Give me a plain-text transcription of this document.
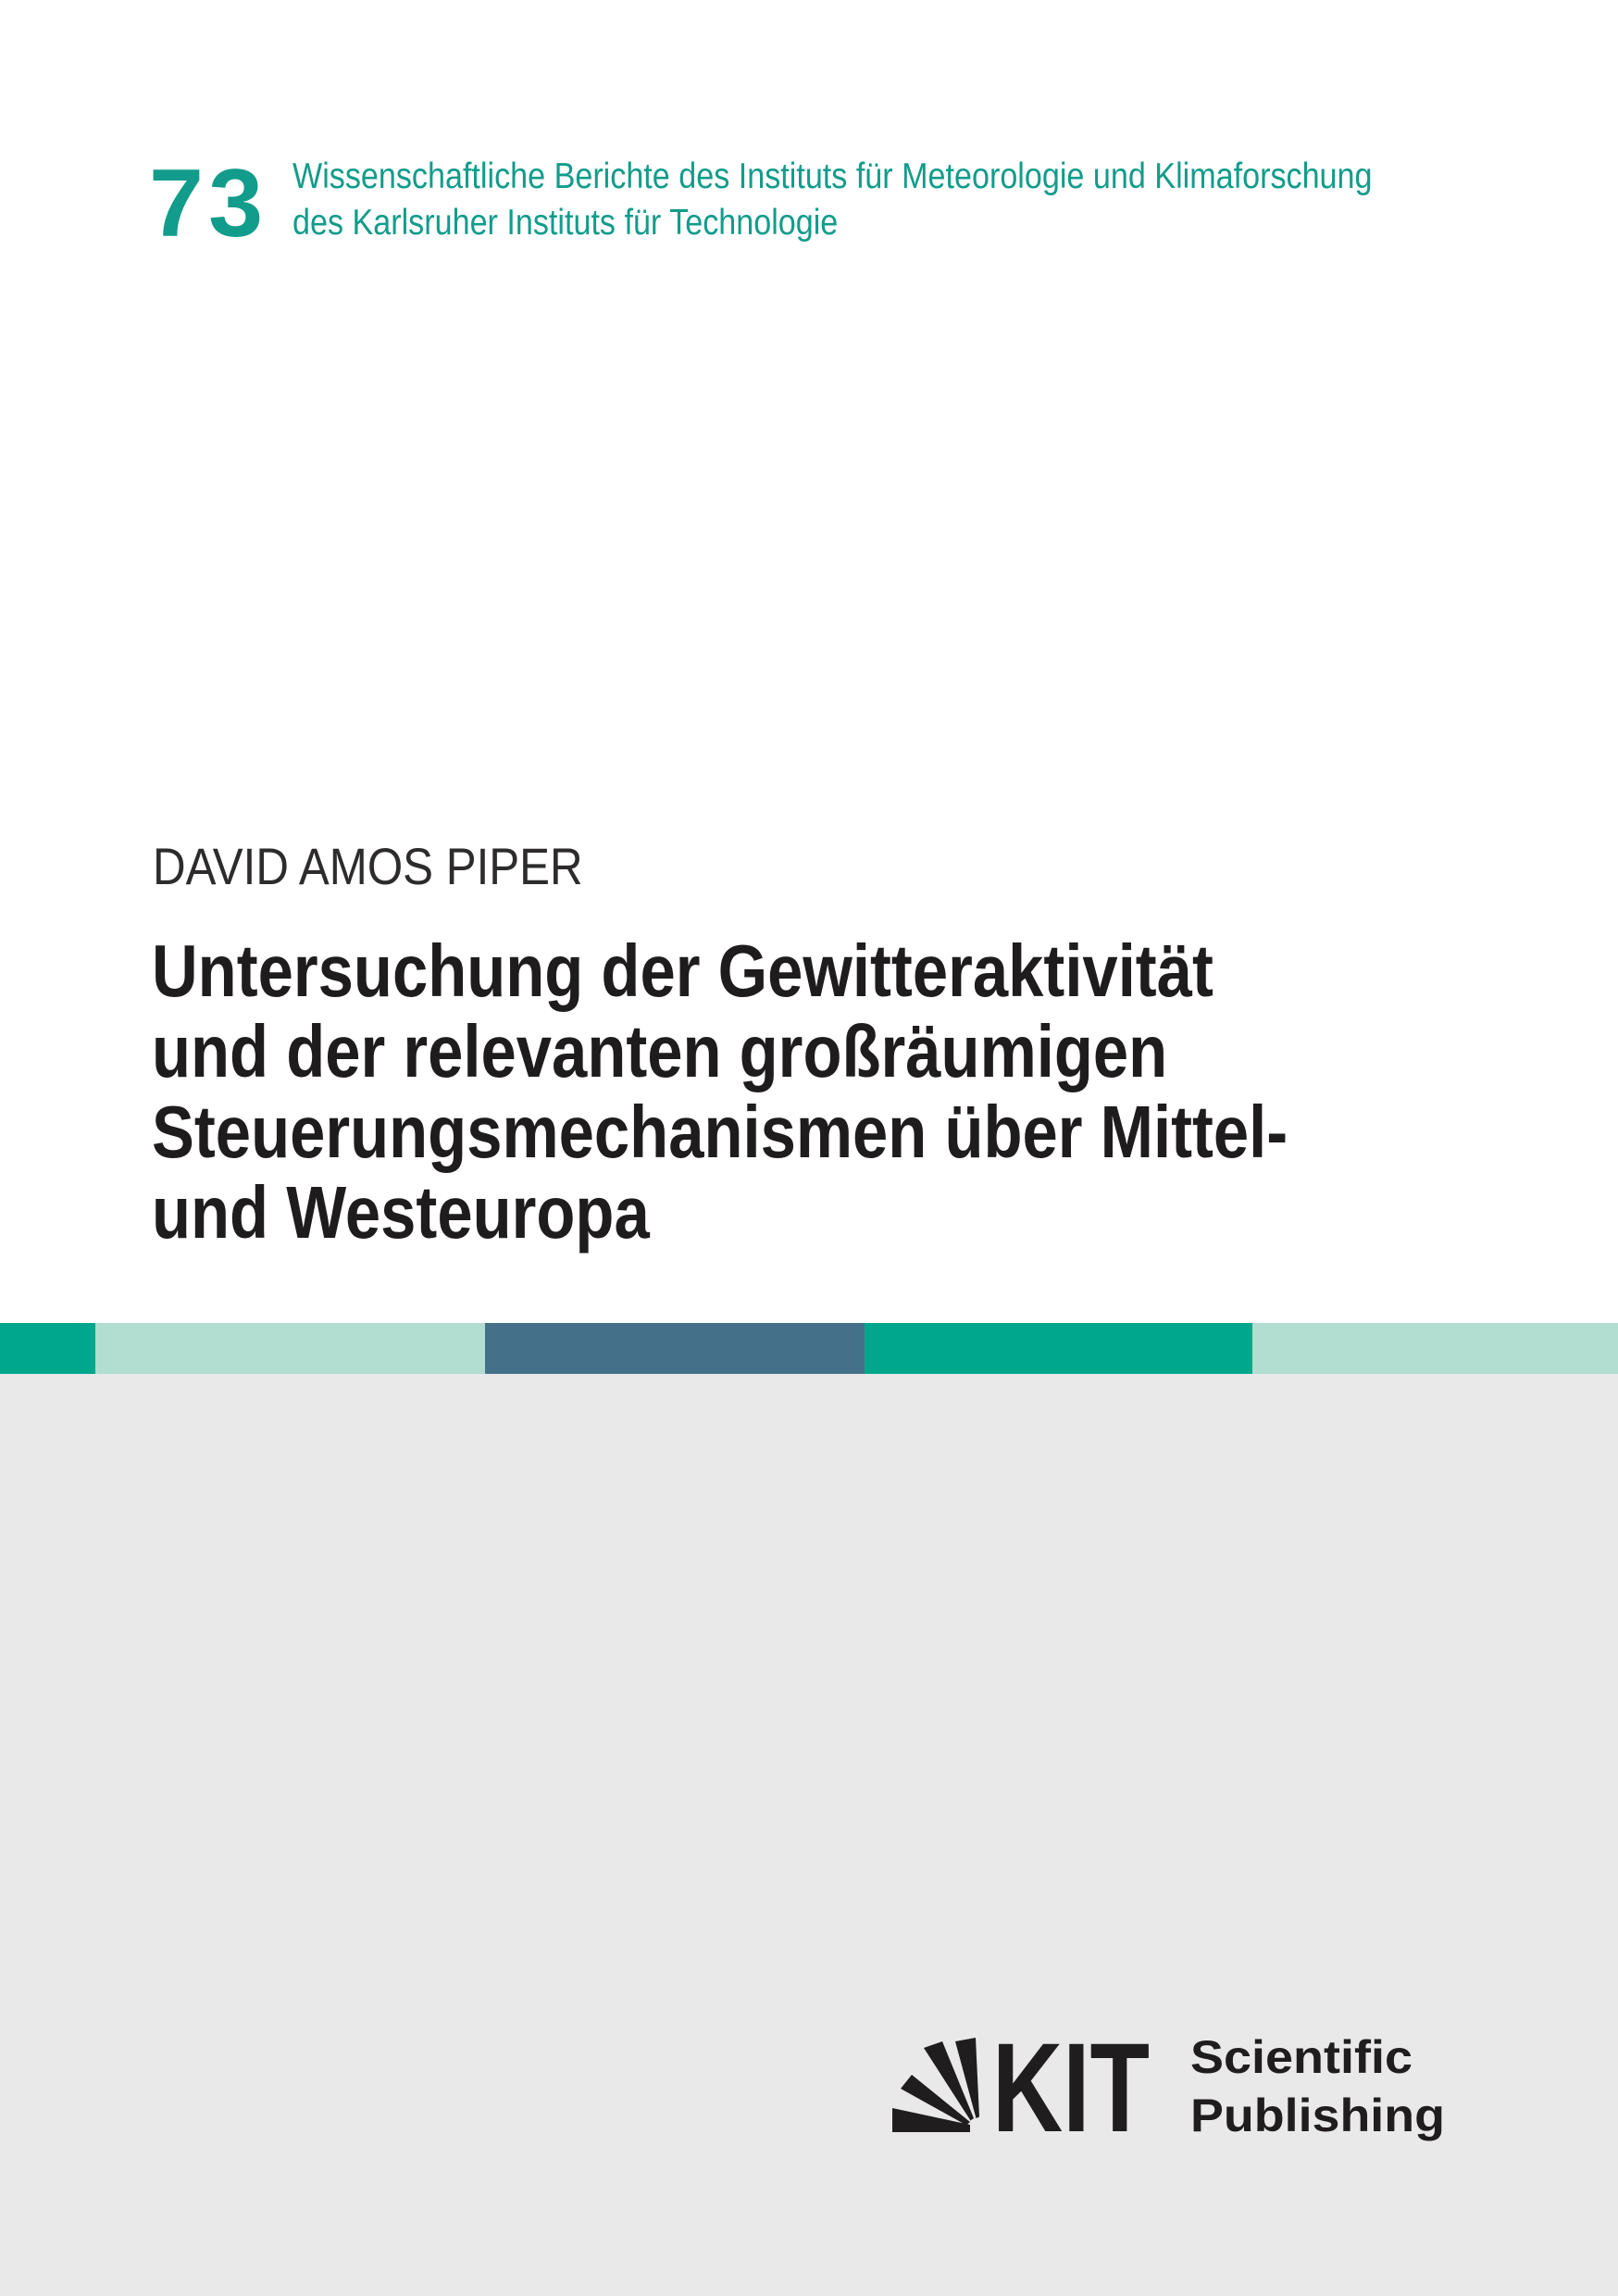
73 Wissenschaftliche Berichte des Instituts für Meteorologie und Klimaforschung
des Karlsruher Instituts für Technologie
DAVID AMOS PIPER
Untersuchung der Gewitteraktivität
und der relevanten großräumigen
Steuerungsmechanismen über Mittel-
und Westeuropa
KIT Scientific
Publishing
